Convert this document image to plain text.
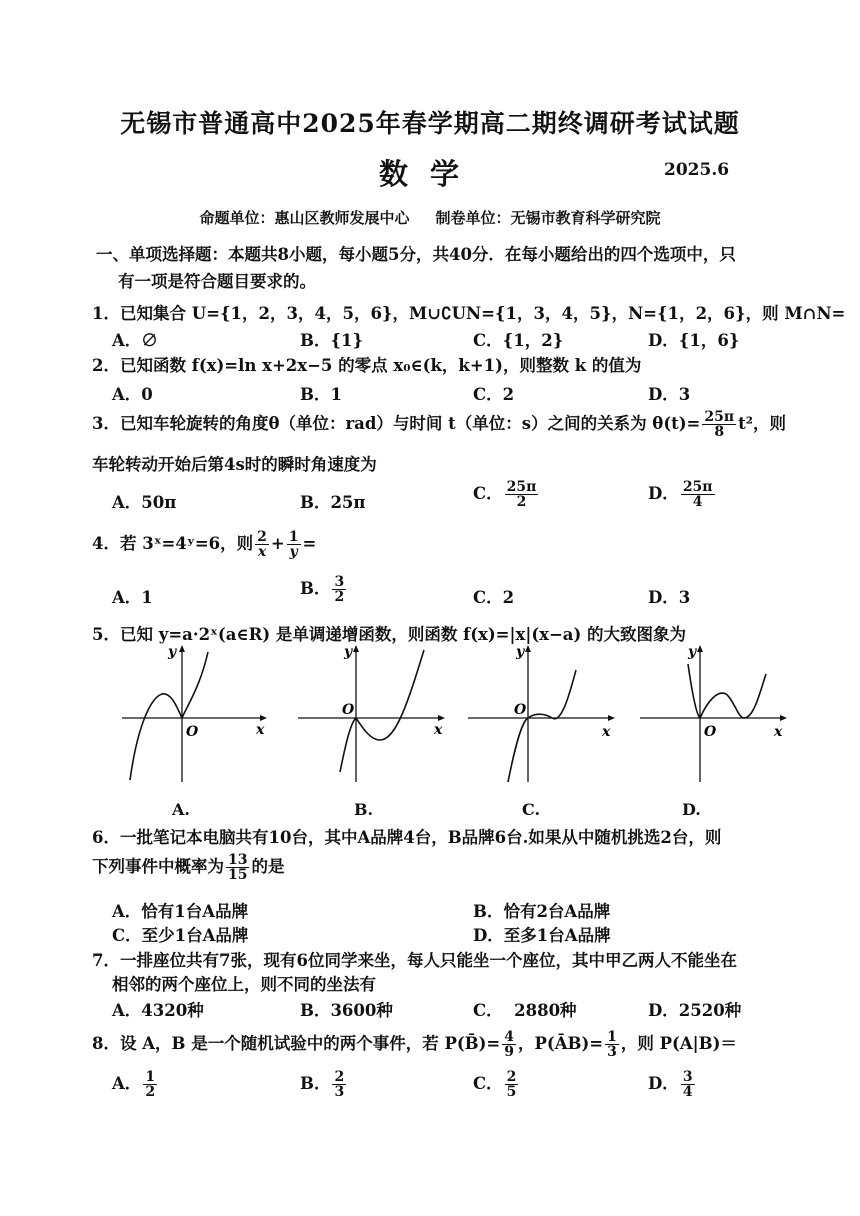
无锡市普通高中2025年春学期高二期终调研考试试题
数学	2025.6
命题单位：惠山区教师发展中心     制卷单位：无锡市教育科学研究院
一、单项选择题：本题共8小题，每小题5分，共40分．在每小题给出的四个选项中，只
有一项是符合题目要求的。
1．已知集合 U={1，2，3，4，5，6}，M∪∁UN={1，3，4，5}，N={1，2，6}，则 M∩N=
A．∅	B．{1}	C．{1，2}	D．{1，6}
2．已知函数 f(x)=ln x+2x−5 的零点 x₀∈(k，k+1)，则整数 k 的值为
A．0	B．1	C．2	D．3
3．已知车轮旋转的角度θ（单位：rad）与时间 t（单位：s）之间的关系为 $\theta(t)= \frac{25\pi}{8} t^2$，则
车轮转动开始后第4s时的瞬时角速度为
A．50π	B．25π	C． $\frac{25\pi}{2}$	D． $\frac{25\pi}{4}$
4．若 3ˣ=4ʸ=6，则 $\frac{2}{x} + \frac{1}{y}$ =
A．1	B． $\frac{3}{2}$	C．2	D．3
5．已知 y=a·2ˣ(a∈R) 是单调递增函数，则函数 f(x)=|x|(x−a) 的大致图象为
y
x
O
y
x
O
y
x
O
y
x
O
A.	B.	C.	D.
6．一批笔记本电脑共有10台，其中A品牌4台，B品牌6台.如果从中随机挑选2台，则
下列事件中概率为 $\frac{13}{15}$ 的是
A．恰有1台A品牌	B．恰有2台A品牌
C．至少1台A品牌	D．至多1台A品牌
7．一排座位共有7张，现有6位同学来坐，每人只能坐一个座位，其中甲乙两人不能坐在
相邻的两个座位上，则不同的坐法有
A．4320种	B．3600种	C．  2880种	D．2520种
8．设 A，B 是一个随机试验中的两个事件，若 P(B̄)= $\frac{4}{9}$ ，P(ĀB)= $\frac{1}{3}$ ，则 P(A|B)＝
A． $\frac{1}{2}$	B． $\frac{2}{3}$	C． $\frac{2}{5}$	D． $\frac{3}{4}$
